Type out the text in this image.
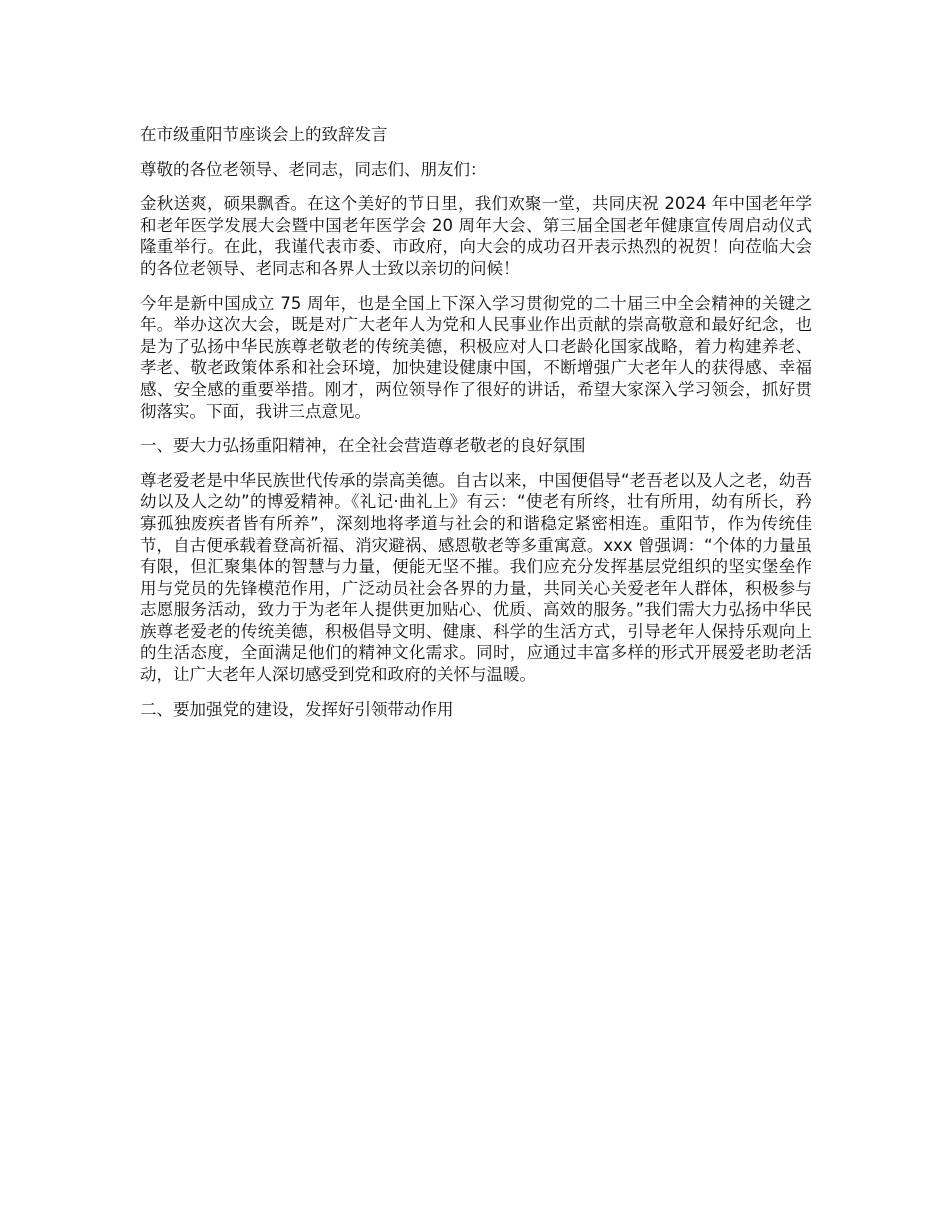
在市级重阳节座谈会上的致辞发言

尊敬的各位老领导、老同志，同志们、朋友们：

金秋送爽，硕果飘香。在这个美好的节日里，我们欢聚一堂，共同庆祝 2024 年中国老年学和老年医学发展大会暨中国老年医学会 20 周年大会、第三届全国老年健康宣传周启动仪式隆重举行。在此，我谨代表市委、市政府，向大会的成功召开表示热烈的祝贺！向莅临大会的各位老领导、老同志和各界人士致以亲切的问候！

今年是新中国成立 75 周年，也是全国上下深入学习贯彻党的二十届三中全会精神的关键之年。举办这次大会，既是对广大老年人为党和人民事业作出贡献的崇高敬意和最好纪念，也是为了弘扬中华民族尊老敬老的传统美德，积极应对人口老龄化国家战略，着力构建养老、孝老、敬老政策体系和社会环境，加快建设健康中国，不断增强广大老年人的获得感、幸福感、安全感的重要举措。刚才，两位领导作了很好的讲话，希望大家深入学习领会，抓好贯彻落实。下面，我讲三点意见。

一、要大力弘扬重阳精神，在全社会营造尊老敬老的良好氛围

尊老爱老是中华民族世代传承的崇高美德。自古以来，中国便倡导“老吾老以及人之老，幼吾幼以及人之幼”的博爱精神。《礼记·曲礼上》有云：“使老有所终，壮有所用，幼有所长，矜寡孤独废疾者皆有所养”，深刻地将孝道与社会的和谐稳定紧密相连。重阳节，作为传统佳节，自古便承载着登高祈福、消灾避祸、感恩敬老等多重寓意。xxx 曾强调：“个体的力量虽有限，但汇聚集体的智慧与力量，便能无坚不摧。我们应充分发挥基层党组织的坚实堡垒作用与党员的先锋模范作用，广泛动员社会各界的力量，共同关心关爱老年人群体，积极参与志愿服务活动，致力于为老年人提供更加贴心、优质、高效的服务。”我们需大力弘扬中华民族尊老爱老的传统美德，积极倡导文明、健康、科学的生活方式，引导老年人保持乐观向上的生活态度，全面满足他们的精神文化需求。同时，应通过丰富多样的形式开展爱老助老活动，让广大老年人深切感受到党和政府的关怀与温暖。

二、要加强党的建设，发挥好引领带动作用
